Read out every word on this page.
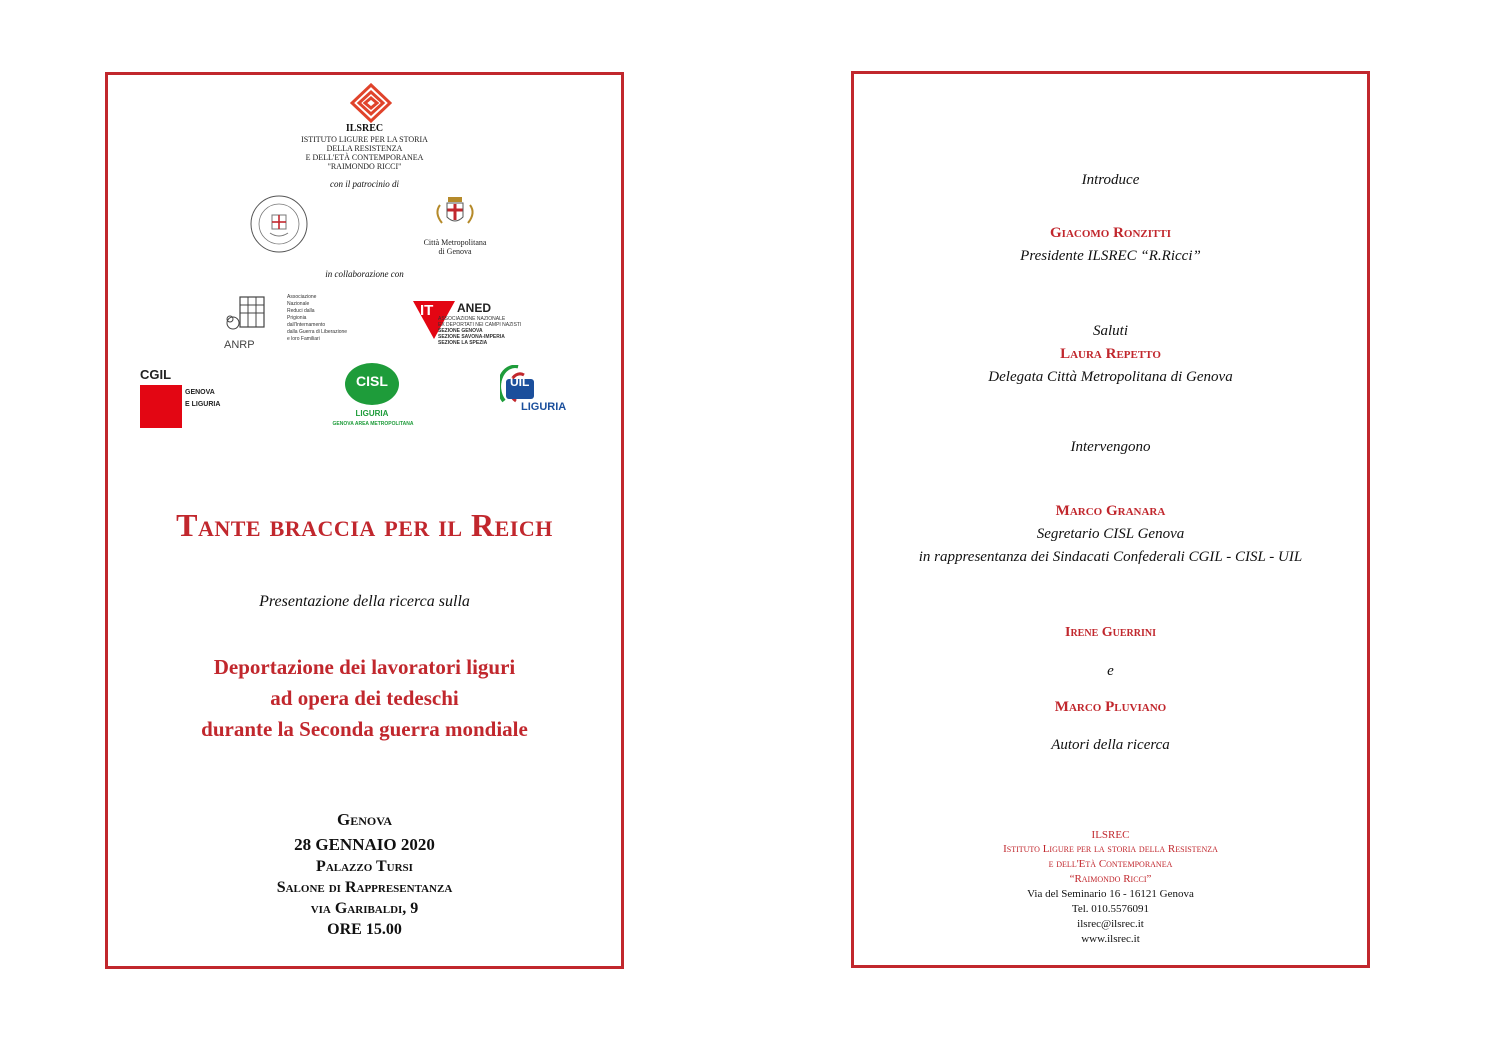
ILSREC
ISTITUTO LIGURE PER LA STORIA
DELLA RESISTENZA
E DELL'ETÀ CONTEMPORANEA
"RAIMONDO RICCI"
con il patrocinio di
Città Metropolitana
di Genova
in collaborazione con
ANRP
Associazione
Nazionale
Reduci dalla
Prigionia
dall'Internamento
dalla Guerra di Liberazione
e loro Familiari
IT ANED
ASSOCIAZIONE NAZIONALE
EX DEPORTATI NEI CAMPI NAZISTI
SEZIONE GENOVA
SEZIONE SAVONA-IMPERIA
SEZIONE LA SPEZIA
CGIL
GENOVA
E LIGURIA
CISL
LIGURIA
GENOVA AREA METROPOLITANA
UIL
LIGURIA
Tante braccia per il Reich
Presentazione della ricerca sulla
Deportazione dei lavoratori liguri
ad opera dei tedeschi
durante la Seconda guerra mondiale
Genova
28 GENNAIO 2020
Palazzo Tursi
Salone di Rappresentanza
via Garibaldi, 9
ORE 15.00
Introduce
Giacomo Ronzitti
Presidente ILSREC “R.Ricci”
Saluti
Laura Repetto
Delegata Città Metropolitana di Genova
Intervengono
Marco Granara
Segretario CISL Genova
in rappresentanza dei Sindacati Confederali CGIL - CISL - UIL
Irene Guerrini
e
Marco Pluviano
Autori della ricerca
ILSREC
Istituto Ligure per la storia della Resistenza
e dell'Età Contemporanea
“Raimondo Ricci”
Via del Seminario 16 - 16121 Genova
Tel. 010.5576091
ilsrec@ilsrec.it
www.ilsrec.it
